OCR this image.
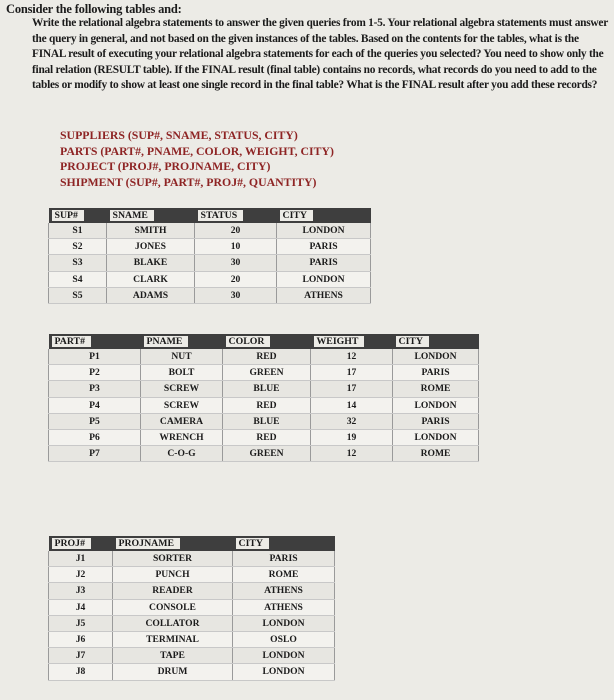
Consider the following tables and:
Write the relational algebra statements to answer the given queries from 1-5. Your relational algebra statements must answer the query in general, and not based on the given instances of the tables. Based on the contents for the tables, what is the FINAL result of executing your relational algebra statements for each of the queries you selected? You need to show only the final relation (RESULT table). If the FINAL result (final table) contains no records, what records do you need to add to the tables or modify to show at least one single record in the final table? What is the FINAL result after you add these records?
SUPPLIERS (SUP#, SNAME, STATUS, CITY)
PARTS (PART#, PNAME, COLOR, WEIGHT, CITY)
PROJECT (PROJ#, PROJNAME, CITY)
SHIPMENT (SUP#, PART#, PROJ#, QUANTITY)
SUP#	SNAME	STATUS	CITY
S1	SMITH	20	LONDON
S2	JONES	10	PARIS
S3	BLAKE	30	PARIS
S4	CLARK	20	LONDON
S5	ADAMS	30	ATHENS
PART#	PNAME	COLOR	WEIGHT	CITY
P1	NUT	RED	12	LONDON
P2	BOLT	GREEN	17	PARIS
P3	SCREW	BLUE	17	ROME
P4	SCREW	RED	14	LONDON
P5	CAMERA	BLUE	32	PARIS
P6	WRENCH	RED	19	LONDON
P7	C-O-G	GREEN	12	ROME
PROJ#	PROJNAME	CITY
J1	SORTER	PARIS
J2	PUNCH	ROME
J3	READER	ATHENS
J4	CONSOLE	ATHENS
J5	COLLATOR	LONDON
J6	TERMINAL	OSLO
J7	TAPE	LONDON
J8	DRUM	LONDON
